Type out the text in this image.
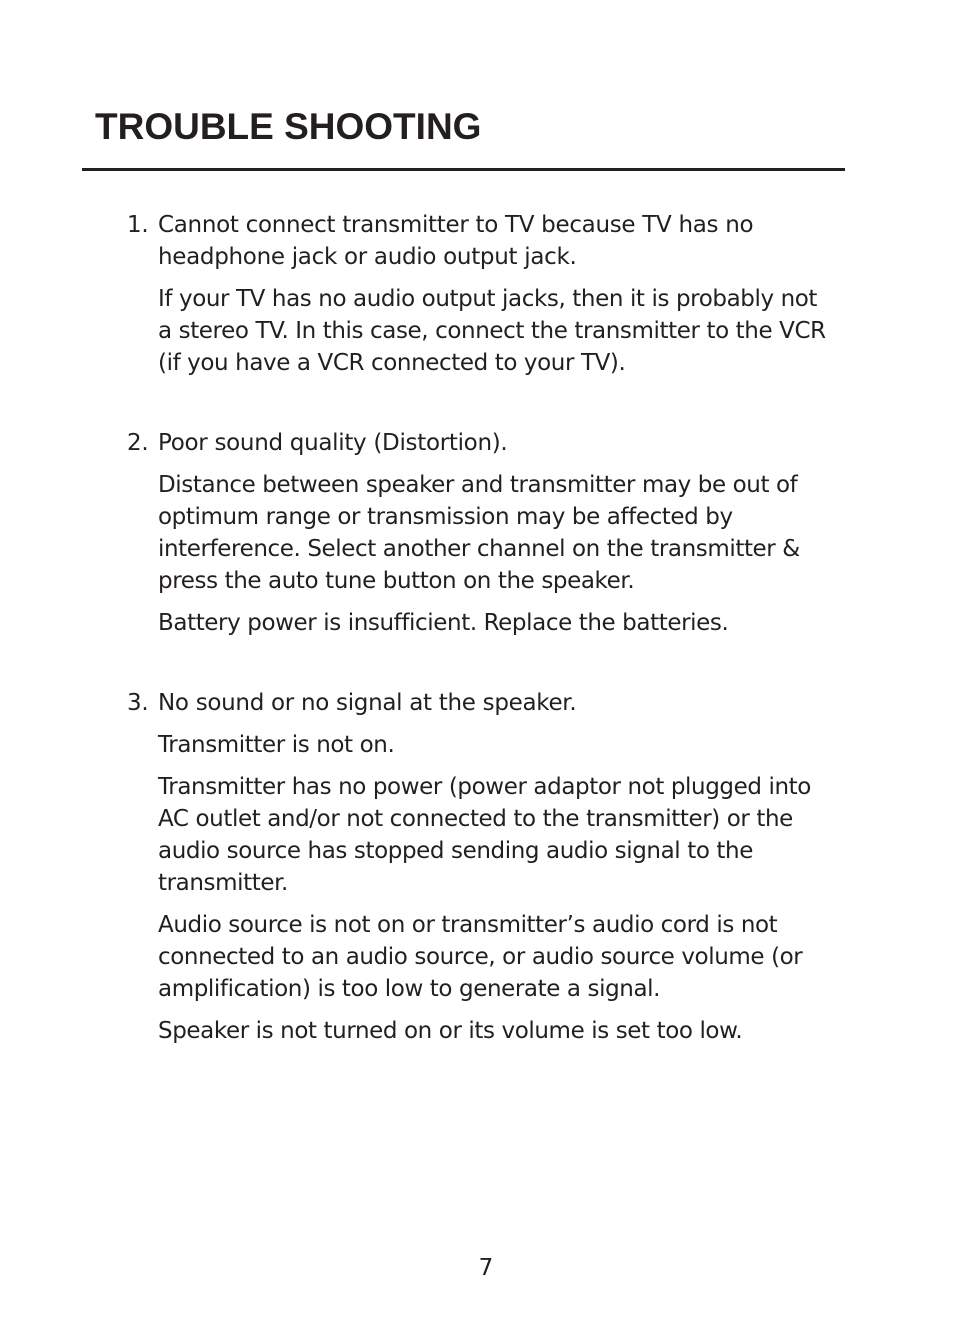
TROUBLE SHOOTING
1. Cannot connect transmitter to TV because TV has no headphone jack or audio output jack.

If your TV has no audio output jacks, then it is probably not a stereo TV. In this case, connect the transmitter to the VCR (if you have a VCR connected to your TV).

2. Poor sound quality (Distortion).

Distance between speaker and transmitter may be out of optimum range or transmission may be affected by interference. Select another channel on the transmitter & press the auto tune button on the speaker.

Battery power is insufficient. Replace the batteries.

3. No sound or no signal at the speaker.

Transmitter is not on.

Transmitter has no power (power adaptor not plugged into AC outlet and/or not connected to the transmitter) or the audio source has stopped sending audio signal to the transmitter.

Audio source is not on or transmitter’s audio cord is not connected to an audio source, or audio source volume (or amplification) is too low to generate a signal.

Speaker is not turned on or its volume is set too low.

7
